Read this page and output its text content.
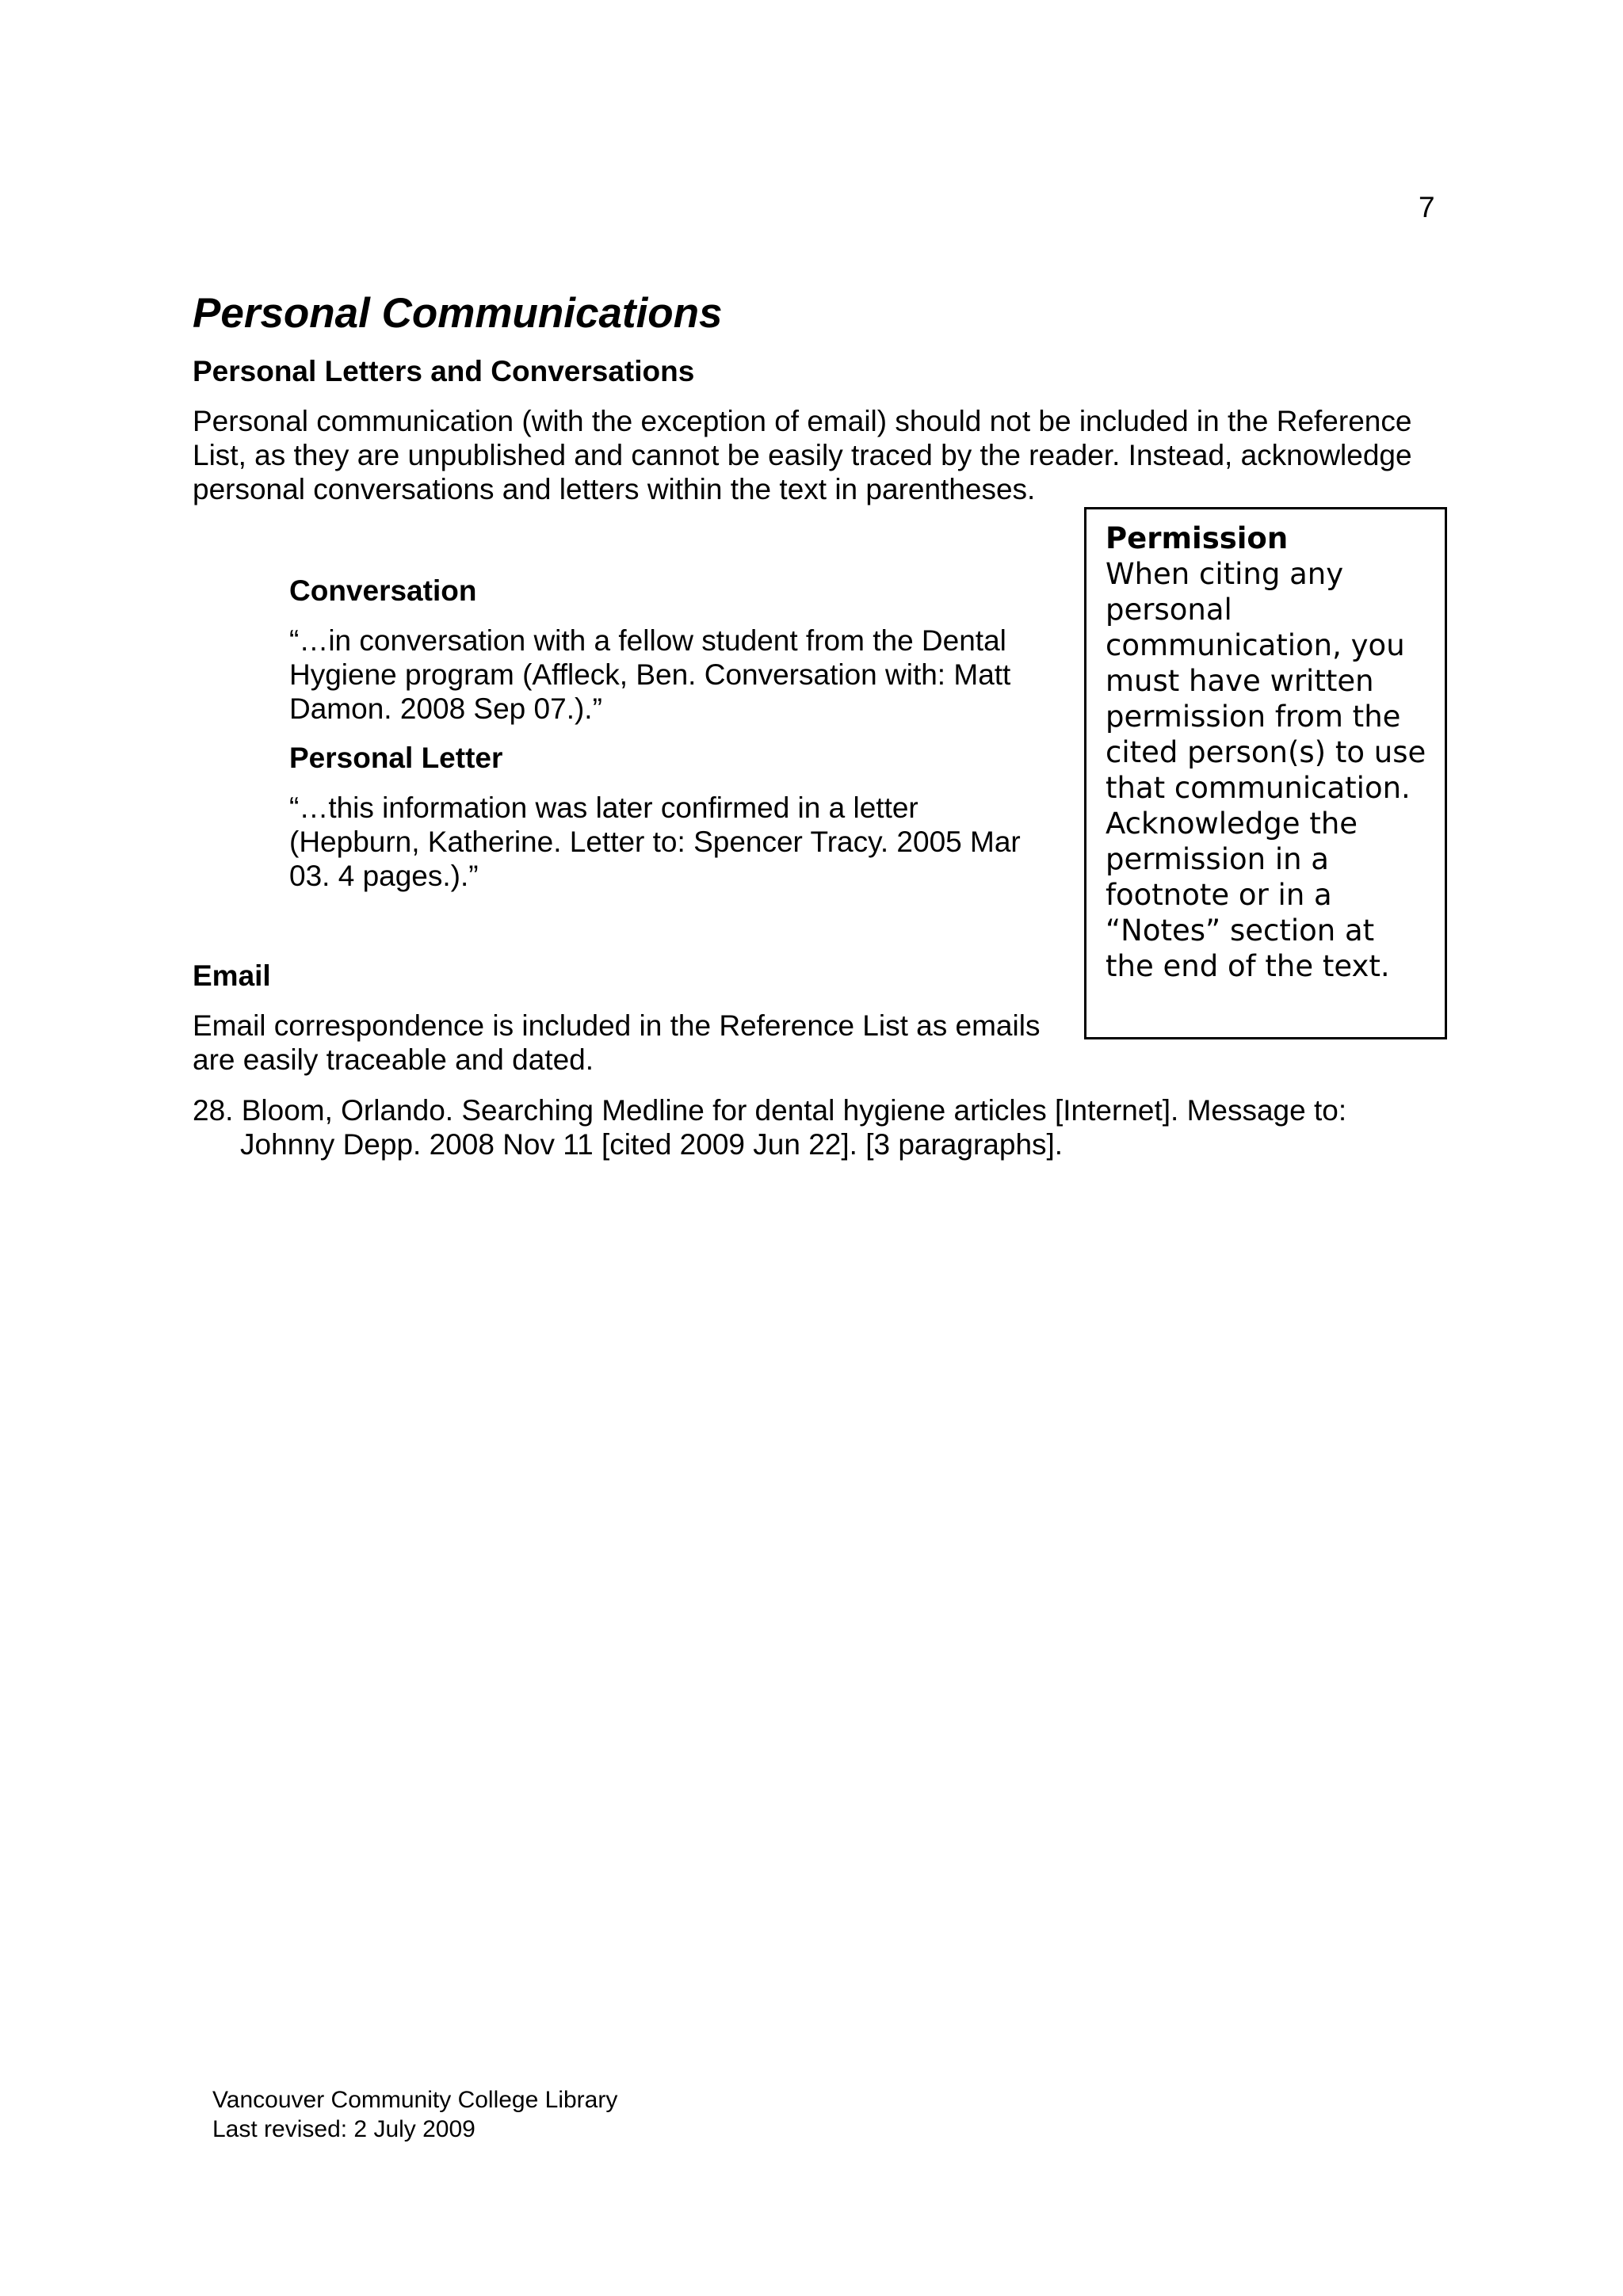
7
Personal Communications
Personal Letters and Conversations

Personal communication (with the exception of email) should not be included in the Reference List, as they are unpublished and cannot be easily traced by the reader. Instead, acknowledge personal conversations and letters within the text in parentheses.

Conversation

“…in conversation with a fellow student from the Dental Hygiene program (Affleck, Ben. Conversation with: Matt Damon. 2008 Sep 07.).”

Personal Letter

“…this information was later confirmed in a letter (Hepburn, Katherine. Letter to: Spencer Tracy. 2005 Mar 03. 4 pages.).”

Permission

When citing any personal communication, you must have written permission from the cited person(s) to use that communication. Acknowledge the permission in a footnote or in a “Notes” section at the end of the text.

Email

Email correspondence is included in the Reference List as emails are easily traceable and dated.

28. Bloom, Orlando. Searching Medline for dental hygiene articles [Internet]. Message to: Johnny Depp. 2008 Nov 11 [cited 2009 Jun 22]. [3 paragraphs].

Vancouver Community College Library
Last revised: 2 July 2009
